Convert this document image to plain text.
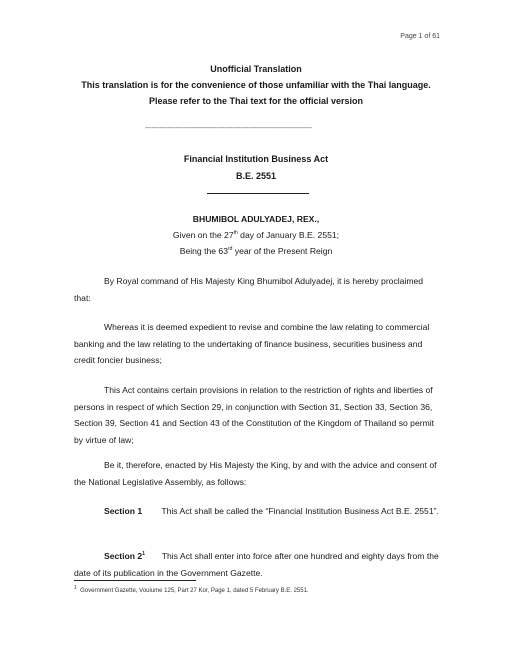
Page 1 of 61
Unofficial Translation
This translation is for the convenience of those unfamiliar with the Thai language.
Please refer to the Thai text for the official version
----------------------------------------------------------------------------------
Financial Institution Business Act
B.E. 2551
BHUMIBOL ADULYADEJ, REX.,
Given on the 27th day of January B.E. 2551;
Being the 63rd year of the Present Reign
By Royal command of His Majesty King Bhumibol Adulyadej, it is hereby proclaimed that:
Whereas it is deemed expedient to revise and combine the law relating to commercial banking and the law relating to the undertaking of finance business, securities business and credit foncier business;
This Act contains certain provisions in relation to the restriction of rights and liberties of persons in respect of which Section 29, in conjunction with Section 31, Section 33, Section 36, Section 39, Section 41 and Section 43 of the Constitution of the Kingdom of Thailand so permit by virtue of law;
Be it, therefore, enacted by His Majesty the King, by and with the advice and consent of the National Legislative Assembly, as follows:
Section 1 This Act shall be called the “Financial Institution Business Act B.E. 2551”.
Section $2^1$ This Act shall enter into force after one hundred and eighty days from the date of its publication in the Government Gazette.
$^1$ Government Gazette, Voulume 125, Part 27 Kor, Page 1, dated 5 February B.E. 2551.
